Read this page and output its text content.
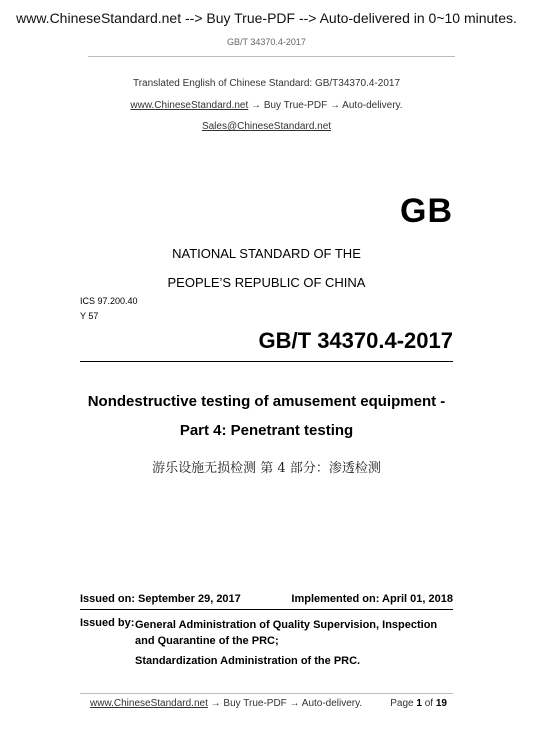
www.ChineseStandard.net --> Buy True-PDF --> Auto-delivered in 0~10 minutes.
GB/T 34370.4-2017
Translated English of Chinese Standard: GB/T34370.4-2017
www.ChineseStandard.net → Buy True-PDF → Auto-delivery.
Sales@ChineseStandard.net
GB
NATIONAL STANDARD OF THE
PEOPLE’S REPUBLIC OF CHINA
ICS 97.200.40
Y 57
GB/T 34370.4-2017
Nondestructive testing of amusement equipment -
Part 4: Penetrant testing
游乐设施无损检测 第 4 部分：渗透检测
Issued on: September 29, 2017	Implemented on: April 01, 2018
Issued by: General Administration of Quality Supervision, Inspection and Quarantine of the PRC;
Standardization Administration of the PRC.
www.ChineseStandard.net → Buy True-PDF → Auto-delivery.	Page 1 of 19
